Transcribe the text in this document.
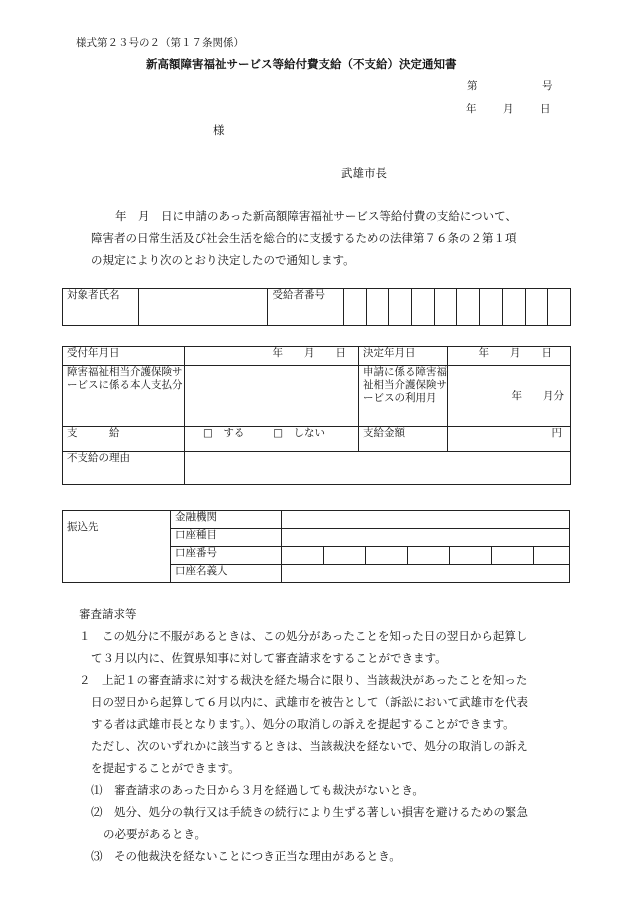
様式第２３号の２（第１７条関係）
新高額障害福祉サービス等給付費支給（不支給）決定通知書
第	号
年	月	日
様
武雄市長
年　月　日に申請のあった新高額障害福祉サービス等給付費の支給について、
障害者の日常生活及び社会生活を総合的に支援するための法律第７６条の２第１項
の規定により次のとおり決定したので通知します。
対象者氏名		受給者番号										
受付年月日	年　　月　　日	決定年月日	年　　月　　日
障害福祉相当介護保険サービスに係る本人支払分		申請に係る障害福祉相当介護保険サービスの利用月	年　　月分
支　　　給	□　する □　しない	支給金額	円
不支給の理由			
振込先	金融機関							
	口座種目							
	口座番号							
	口座名義人							
審査請求等
１　この処分に不服があるときは、この処分があったことを知った日の翌日から起算し
て３月以内に、佐賀県知事に対して審査請求をすることができます。
２　上記１の審査請求に対する裁決を経た場合に限り、当該裁決があったことを知った
日の翌日から起算して６月以内に、武雄市を被告として（訴訟において武雄市を代表
する者は武雄市長となります。）、処分の取消しの訴えを提起することができます。
ただし、次のいずれかに該当するときは、当該裁決を経ないで、処分の取消しの訴え
を提起することができます。
⑴　審査請求のあった日から３月を経過しても裁決がないとき。
⑵　処分、処分の執行又は手続きの続行により生ずる著しい損害を避けるための緊急
の必要があるとき。
⑶　その他裁決を経ないことにつき正当な理由があるとき。
